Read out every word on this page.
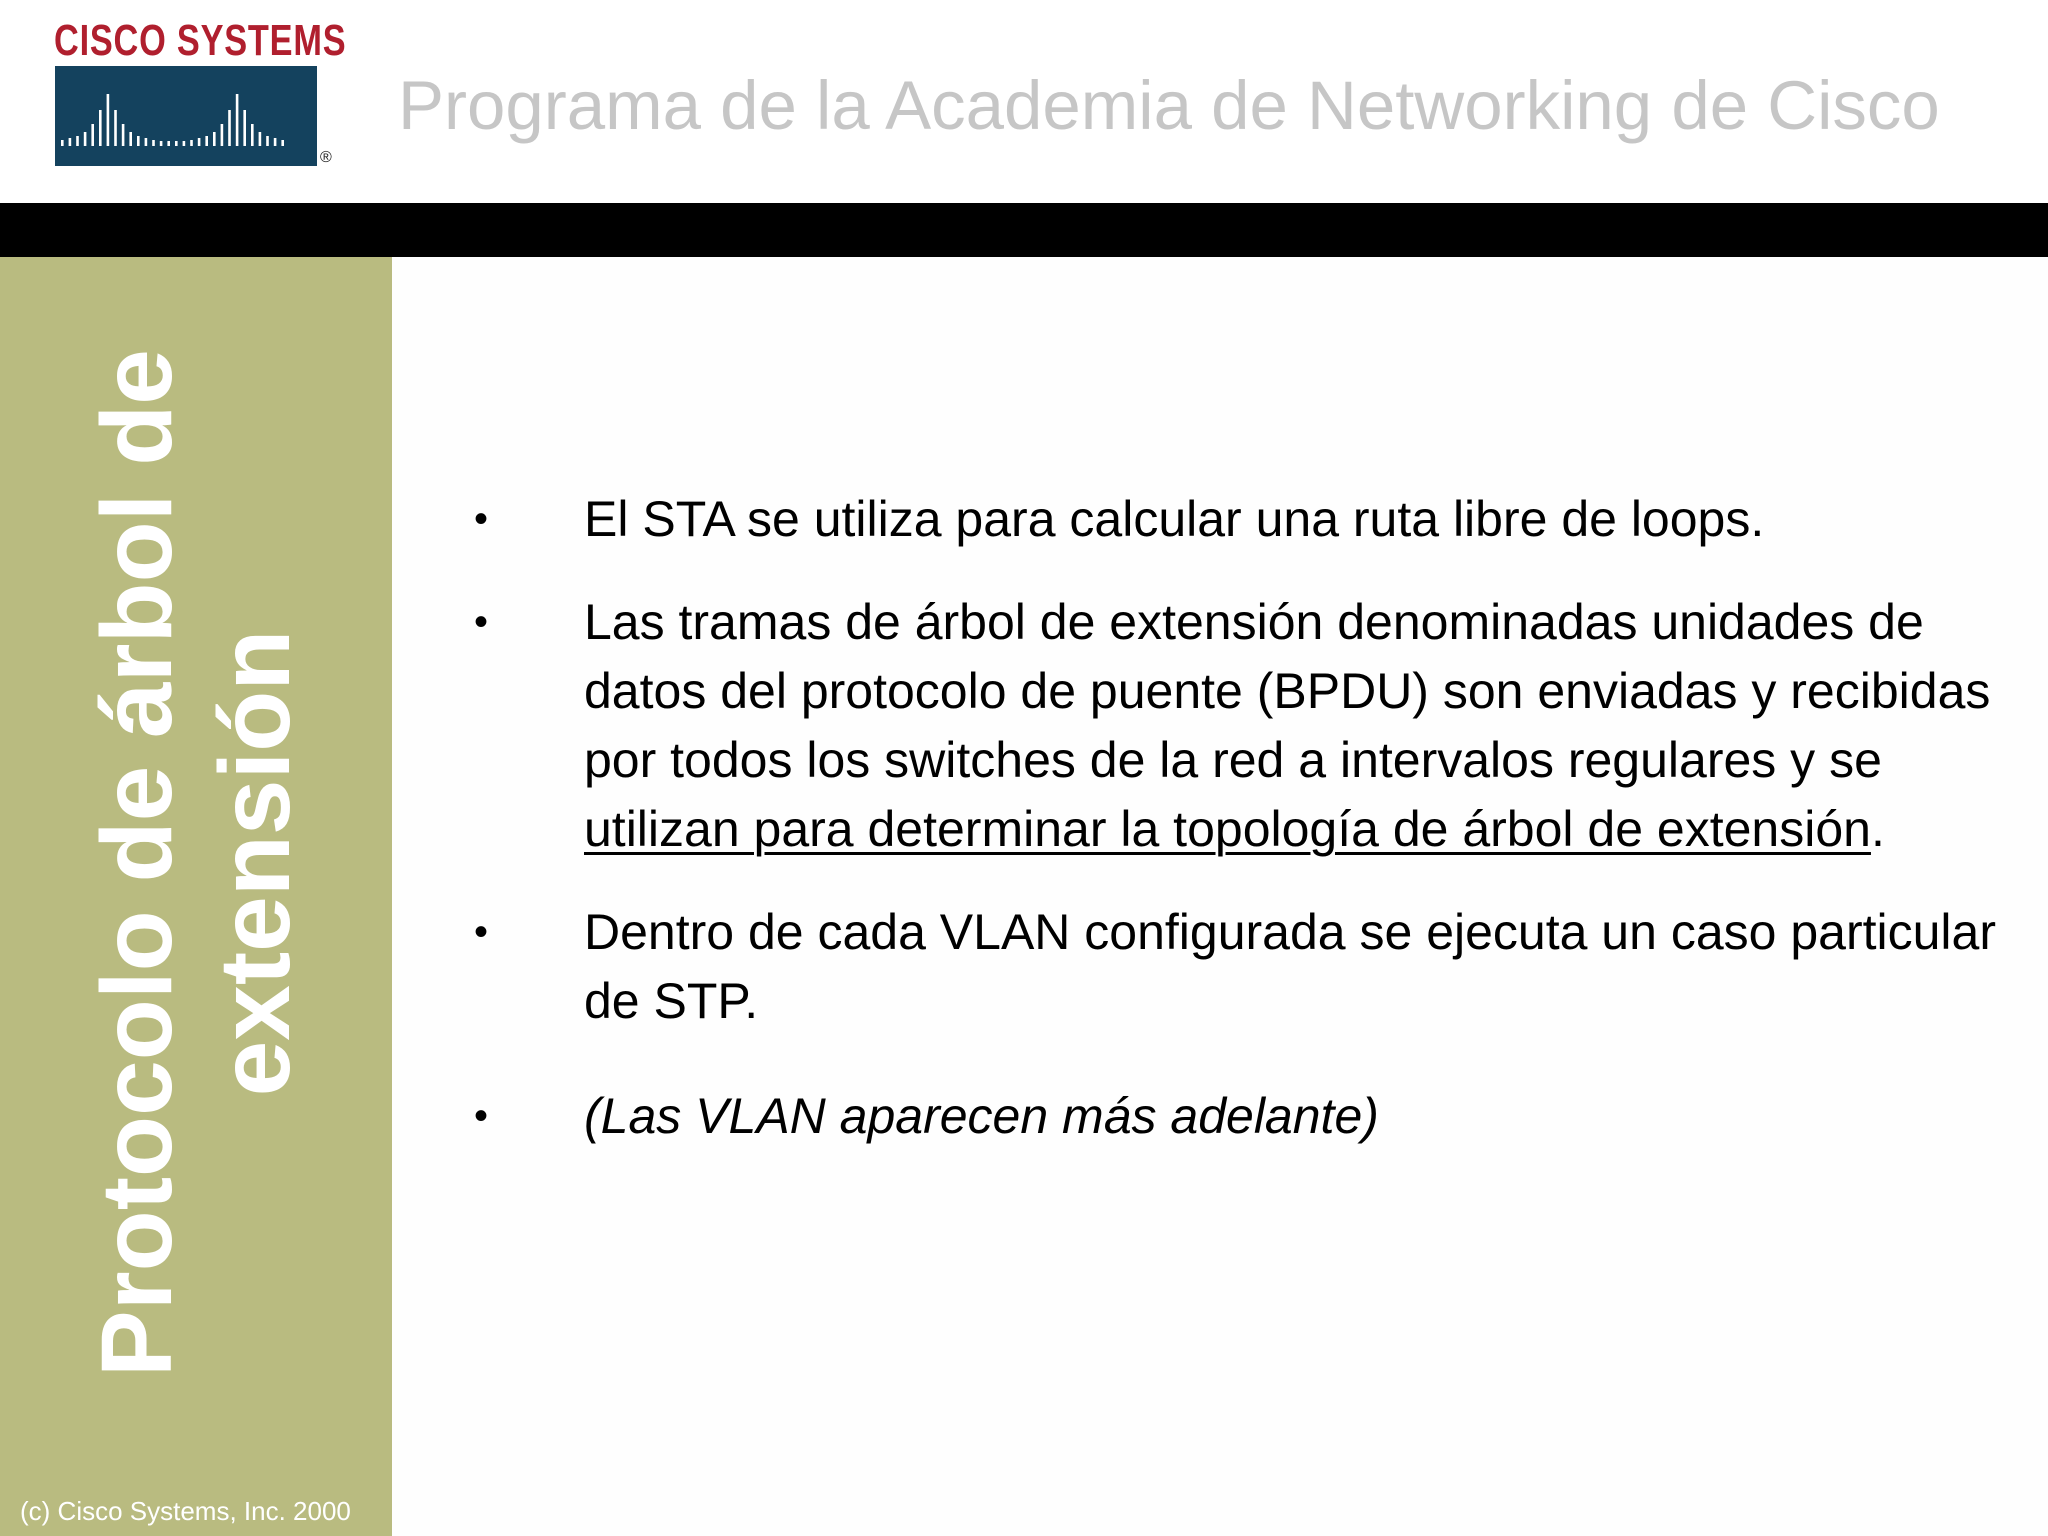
CISCO SYSTEMS
®
Programa de la Academia de Networking de Cisco
Protocolo de árbol de extensión
(c) Cisco Systems, Inc. 2000
•	El STA se utiliza para calcular una ruta libre de loops.
•	Las tramas de árbol de extensión denominadas unidades de datos del protocolo de puente (BPDU) son enviadas y recibidas por todos los switches de la red a intervalos regulares y se utilizan para determinar la topología de árbol de extensión.
•	Dentro de cada VLAN configurada se ejecuta un caso particular de STP.
•	(Las VLAN aparecen más adelante)
